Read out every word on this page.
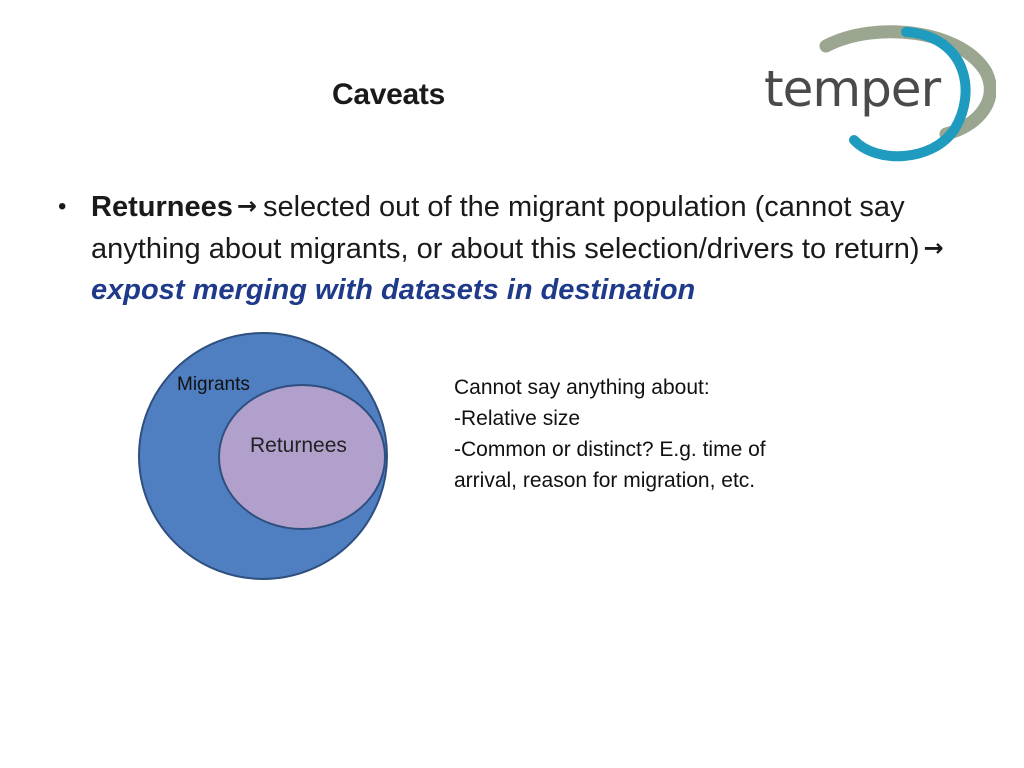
Caveats	temper
• Returnees → selected out of the migrant population (cannot say anything about migrants, or about this selection/drivers to return) → expost merging with datasets in destination
Migrants
Returnees
Cannot say anything about:
-Relative size
-Common or distinct? E.g. time of
arrival, reason for migration, etc.
